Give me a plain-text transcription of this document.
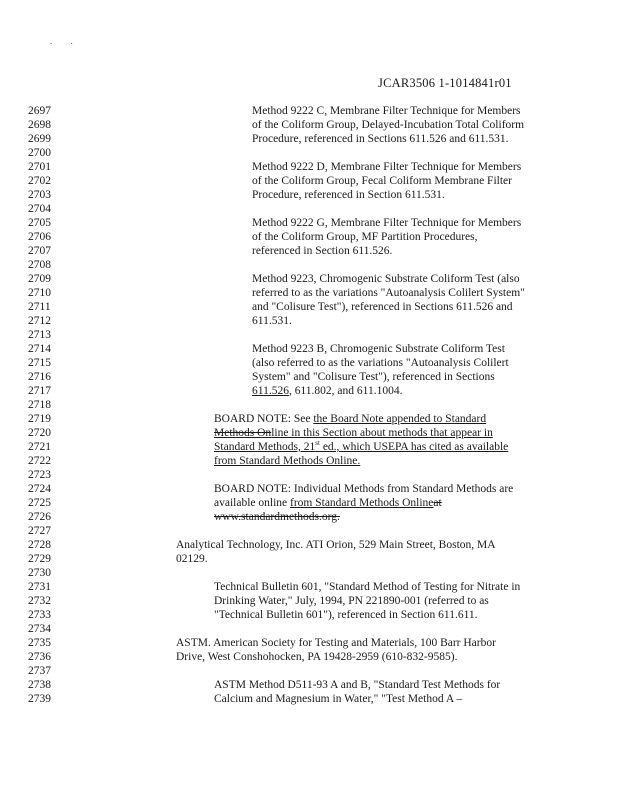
. .
JCAR3506 1-1014841r01
2697
2698
2699
2700
2701
2702
2703
2704
2705
2706
2707
2708
2709
2710
2711
2712
2713
2714
2715
2716
2717
2718
2719
2720
2721
2722
2723
2724
2725
2726
2727
2728
2729
2730
2731
2732
2733
2734
2735
2736
2737
2738
2739
Method 9222 C, Membrane Filter Technique for Members
of the Coliform Group, Delayed-Incubation Total Coliform
Procedure, referenced in Sections 611.526 and 611.531.
Method 9222 D, Membrane Filter Technique for Members
of the Coliform Group, Fecal Coliform Membrane Filter
Procedure, referenced in Section 611.531.
Method 9222 G, Membrane Filter Technique for Members
of the Coliform Group, MF Partition Procedures,
referenced in Section 611.526.
Method 9223, Chromogenic Substrate Coliform Test (also
referred to as the variations "Autoanalysis Colilert System"
and "Colisure Test"), referenced in Sections 611.526 and
611.531.
Method 9223 B, Chromogenic Substrate Coliform Test
(also referred to as the variations "Autoanalysis Colilert
System" and "Colisure Test"), referenced in Sections
611.526, 611.802, and 611.1004.
BOARD NOTE: See the Board Note appended to Standard
Methods Online in this Section about methods that appear in
Standard Methods, 21st ed., which USEPA has cited as available
from Standard Methods Online.
BOARD NOTE: Individual Methods from Standard Methods are
available online from Standard Methods Onlineat
www.standardmethods.org.
Analytical Technology, Inc. ATI Orion, 529 Main Street, Boston, MA
02129.
Technical Bulletin 601, "Standard Method of Testing for Nitrate in
Drinking Water," July, 1994, PN 221890-001 (referred to as
"Technical Bulletin 601"), referenced in Section 611.611.
ASTM. American Society for Testing and Materials, 100 Barr Harbor
Drive, West Conshohocken, PA 19428-2959 (610-832-9585).
ASTM Method D511-93 A and B, "Standard Test Methods for
Calcium and Magnesium in Water," "Test Method A –
